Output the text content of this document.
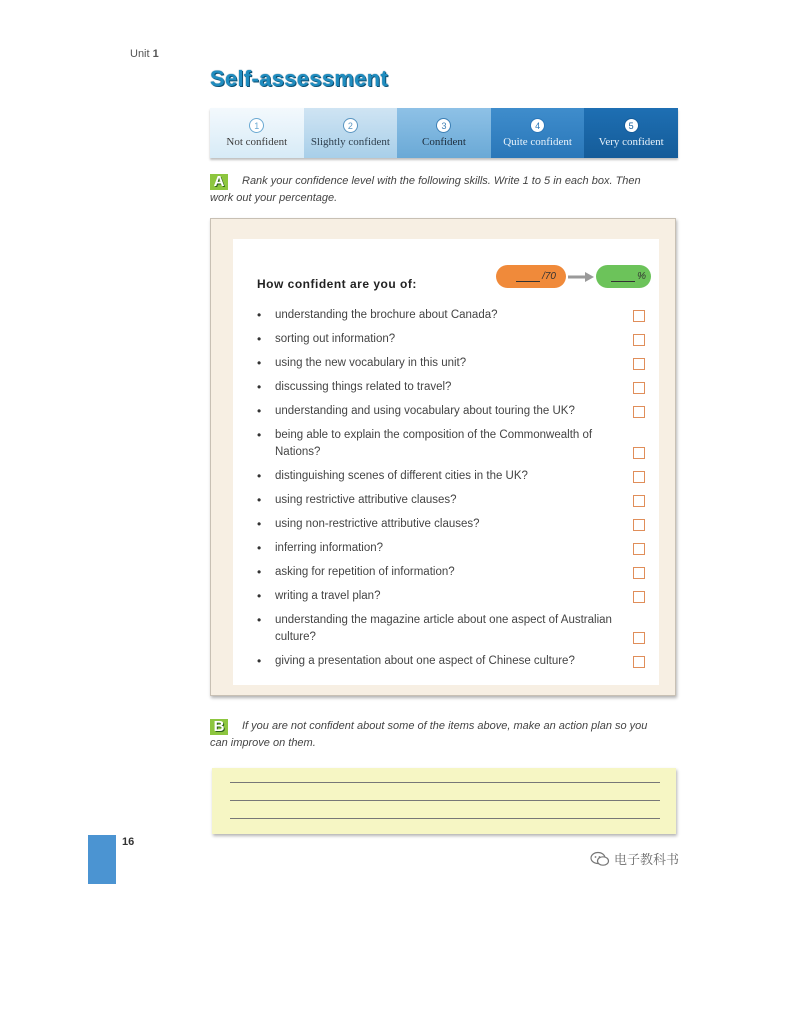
Unit 1
Self-assessment
1
Not confident
2
Slightly confident
3
Confident
4
Quite confident
5
Very confident

A Rank your confidence level with the following skills. Write 1 to 5 in each box. Then work out your percentage.

How confident are you of:
/70	%
• understanding the brochure about Canada?
• sorting out information?
• using the new vocabulary in this unit?
• discussing things related to travel?
• understanding and using vocabulary about touring the UK?
• being able to explain the composition of the Commonwealth of Nations?
• distinguishing scenes of different cities in the UK?
• using restrictive attributive clauses?
• using non-restrictive attributive clauses?
• inferring information?
• asking for repetition of information?
• writing a travel plan?
• understanding the magazine article about one aspect of Australian culture?
• giving a presentation about one aspect of Chinese culture?

B If you are not confident about some of the items above, make an action plan so you can improve on them.

16
电子教科书
